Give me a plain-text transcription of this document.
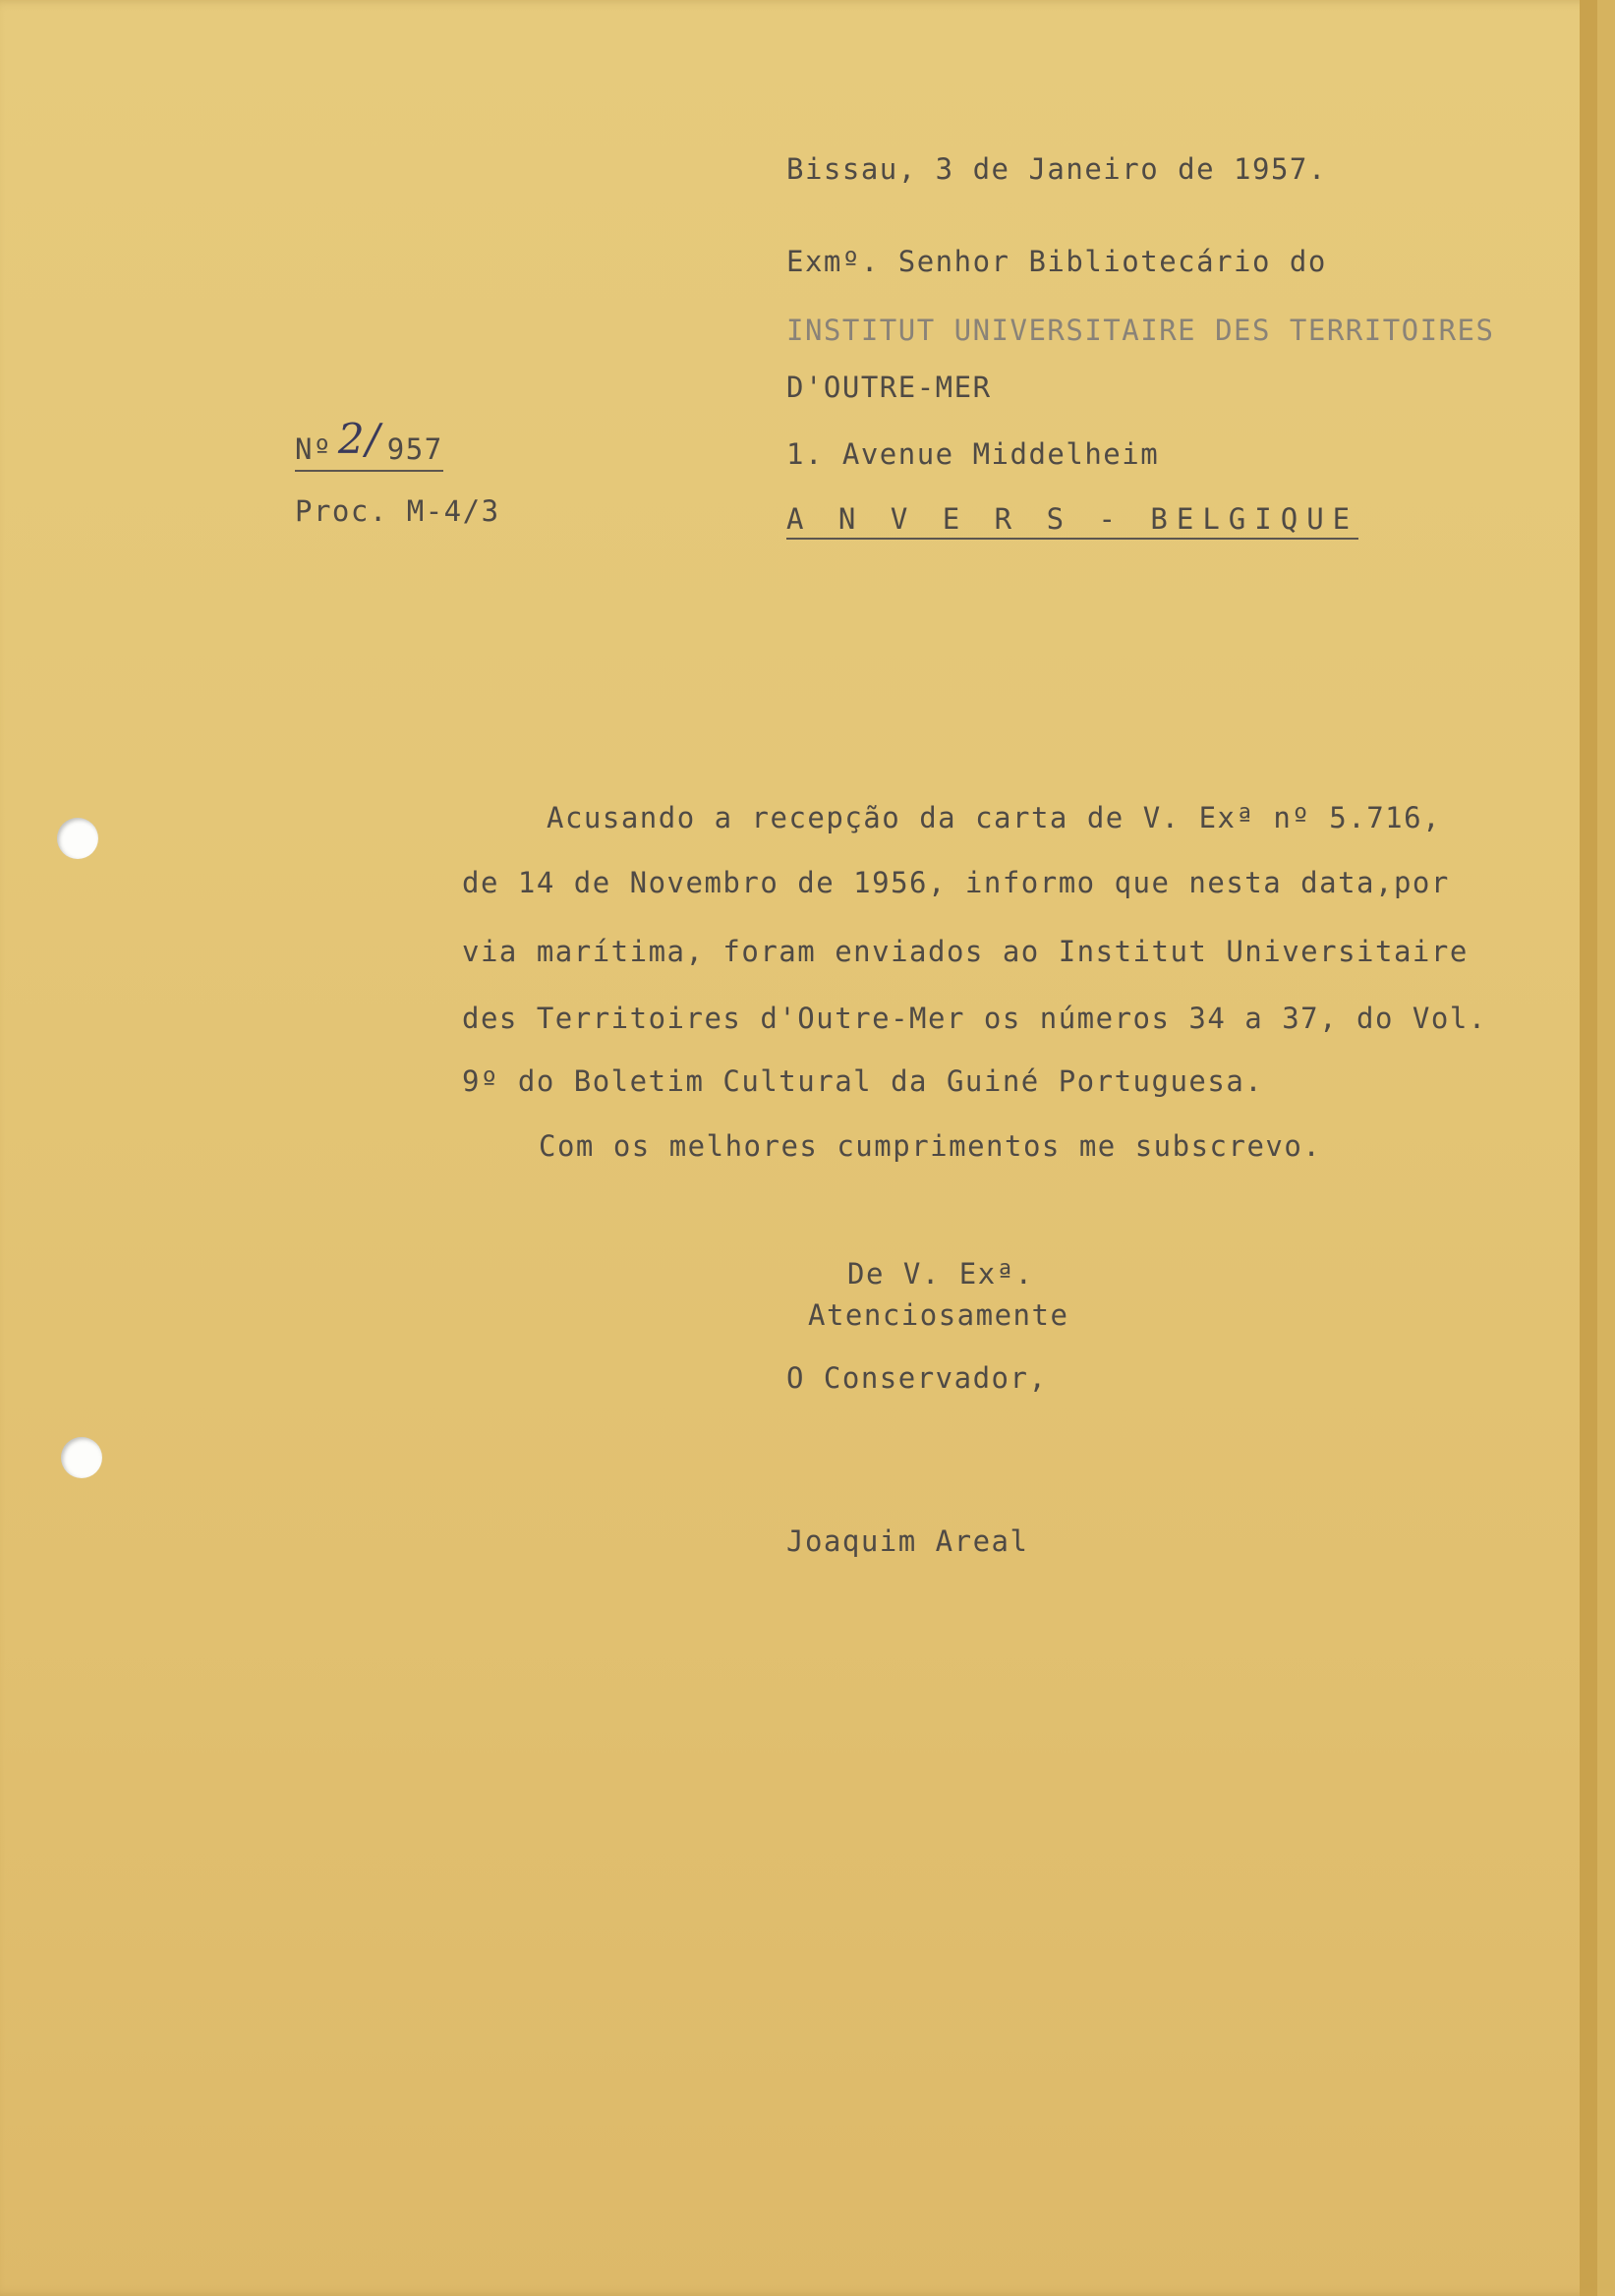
Bissau, 3 de Janeiro de 1957.
Exmº. Senhor Bibliotecário do
INSTITUT UNIVERSITAIRE DES TERRITOIRES
D'OUTRE-MER
1. Avenue Middelheim
A N V E R S - BELGIQUE
Nº 2/ 957
Proc. M-4/3
Acusando a recepção da carta de V. Exª nº 5.716,
de 14 de Novembro de 1956, informo que nesta data,por
via marítima, foram enviados ao Institut Universitaire
des Territoires d'Outre-Mer os números 34 a 37, do Vol.
9º do Boletim Cultural da Guiné Portuguesa.
Com os melhores cumprimentos me subscrevo.
De V. Exª.
Atenciosamente
O Conservador,
Joaquim Areal
